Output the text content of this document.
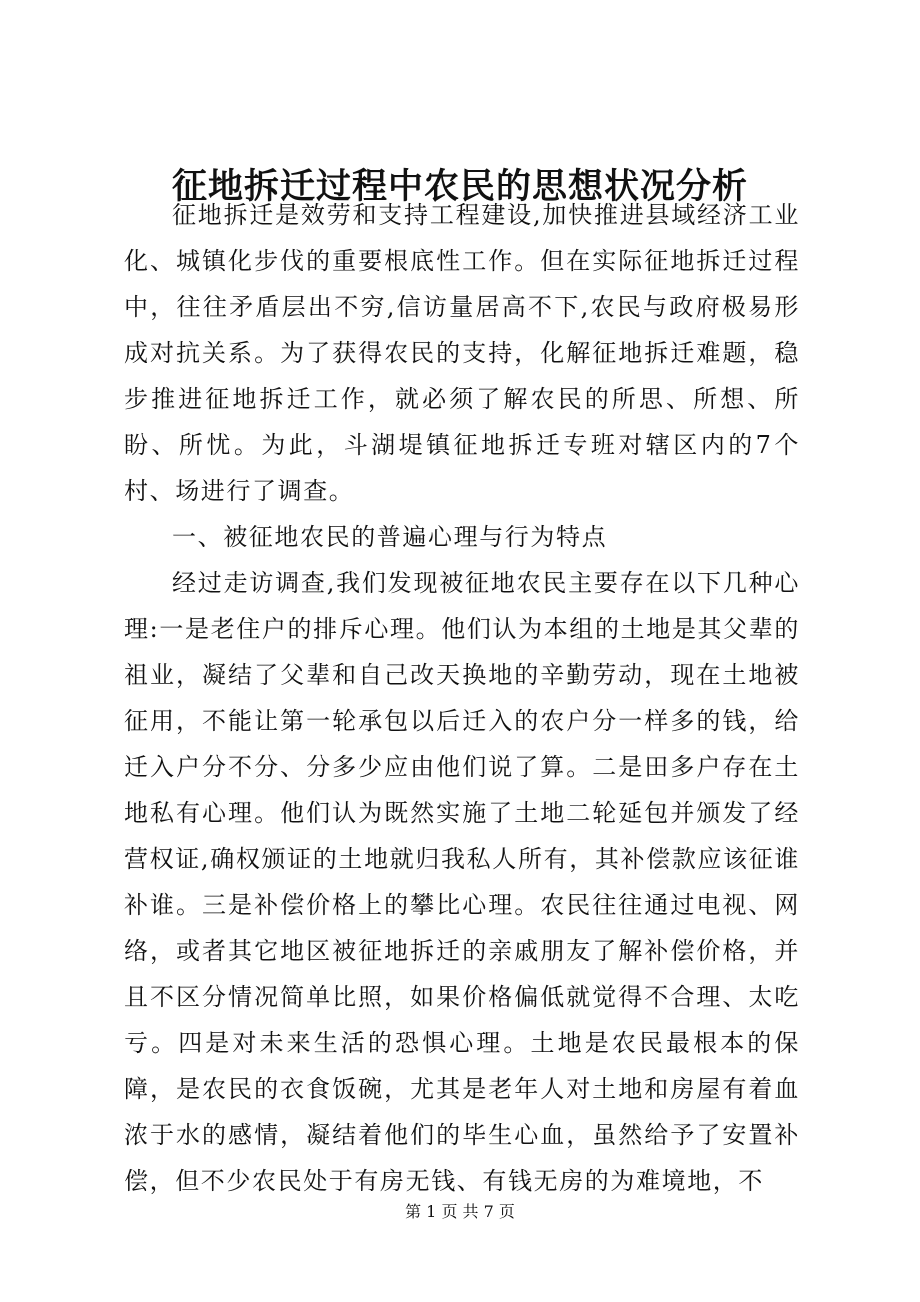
征地拆迁过程中农民的思想状况分析

征地拆迁是效劳和支持工程建设,加快推进县域经济工业化、城镇化步伐的重要根底性工作。但在实际征地拆迁过程中，往往矛盾层出不穷,信访量居高不下,农民与政府极易形成对抗关系。为了获得农民的支持，化解征地拆迁难题，稳步推进征地拆迁工作，就必须了解农民的所思、所想、所盼、所忧。为此，斗湖堤镇征地拆迁专班对辖区内的7个村、场进行了调查。

一、被征地农民的普遍心理与行为特点

经过走访调查,我们发现被征地农民主要存在以下几种心理:一是老住户的排斥心理。他们认为本组的土地是其父辈的祖业，凝结了父辈和自己改天换地的辛勤劳动，现在土地被征用，不能让第一轮承包以后迁入的农户分一样多的钱，给迁入户分不分、分多少应由他们说了算。二是田多户存在土地私有心理。他们认为既然实施了土地二轮延包并颁发了经营权证,确权颁证的土地就归我私人所有，其补偿款应该征谁补谁。三是补偿价格上的攀比心理。农民往往通过电视、网络，或者其它地区被征地拆迁的亲戚朋友了解补偿价格，并且不区分情况简单比照，如果价格偏低就觉得不合理、太吃亏。四是对未来生活的恐惧心理。土地是农民最根本的保障，是农民的衣食饭碗，尤其是老年人对土地和房屋有着血浓于水的感情，凝结着他们的毕生心血，虽然给予了安置补偿，但不少农民处于有房无钱、有钱无房的为难境地，不

第 1 页 共 7 页
